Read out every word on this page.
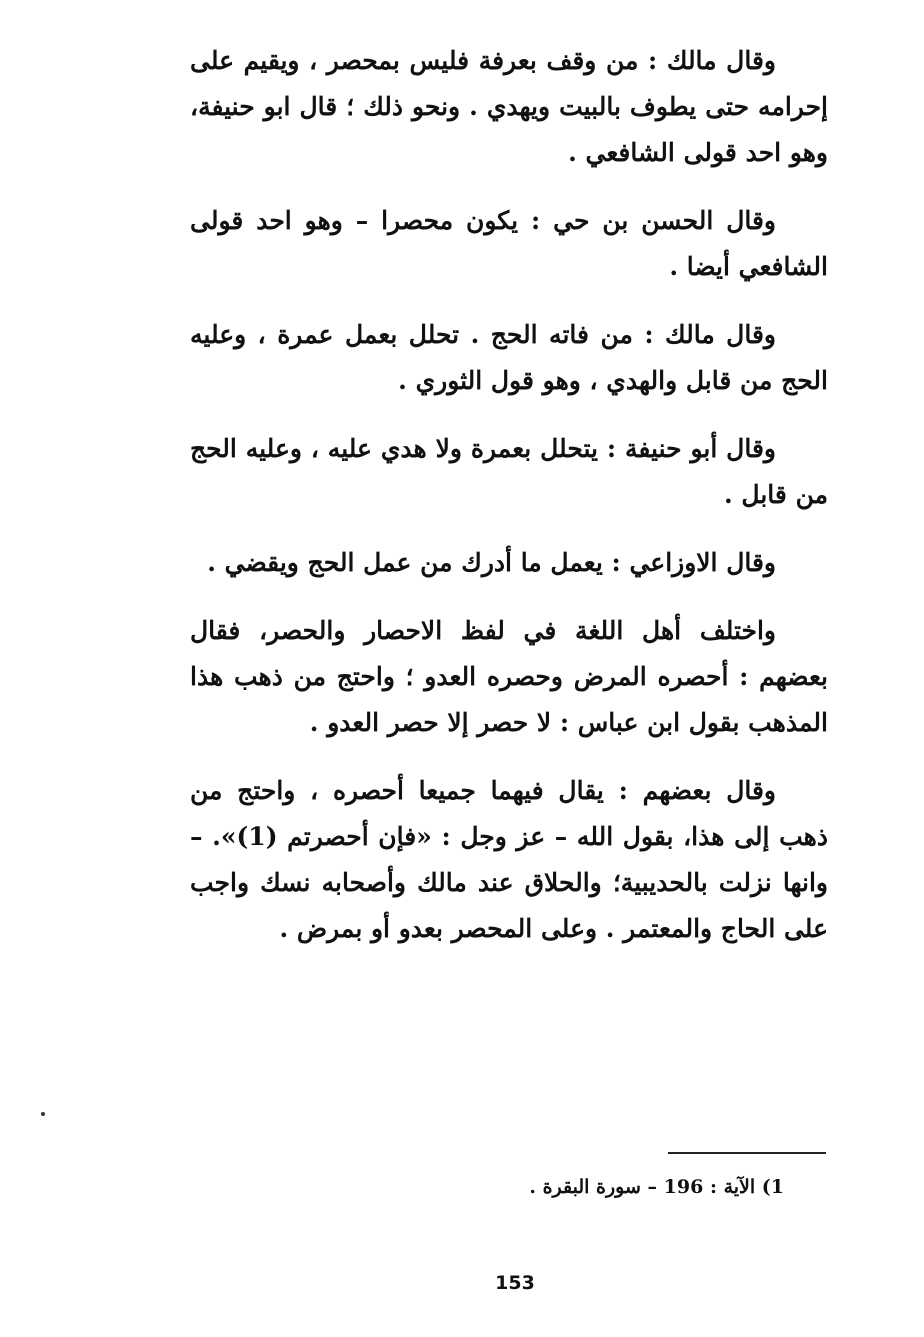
وقال مالك : من وقف بعرفة فليس بمحصر ، ويقيم على إحرامه حتى يطوف بالبيت ويهدي . ونحو ذلك ؛ قال ابو حنيفة، وهو احد قولى الشافعي .

وقال الحسن بن حي : يكون محصرا – وهو احد قولى الشافعي أيضا .

وقال مالك : من فاته الحج . تحلل بعمل عمرة ، وعليه الحج من قابل والهدي ، وهو قول الثوري .

وقال أبو حنيفة : يتحلل بعمرة ولا هدي عليه ، وعليه الحج من قابل .

وقال الاوزاعي : يعمل ما أدرك من عمل الحج ويقضي .

واختلف أهل اللغة في لفظ الاحصار والحصر، فقال بعضهم : أحصره المرض وحصره العدو ؛ واحتج من ذهب هذا المذهب بقول ابن عباس : لا حصر إلا حصر العدو .

وقال بعضهم : يقال فيهما جميعا أحصره ، واحتج من ذهب إلى هذا، بقول الله – عز وجل : «فإن أحصرتم (1)». – وانها نزلت بالحديبية؛ والحلاق عند مالك وأصحابه نسك واجب على الحاج والمعتمر . وعلى المحصر بعدو أو بمرض .

1) الآية : 196 – سورة البقرة .
153
